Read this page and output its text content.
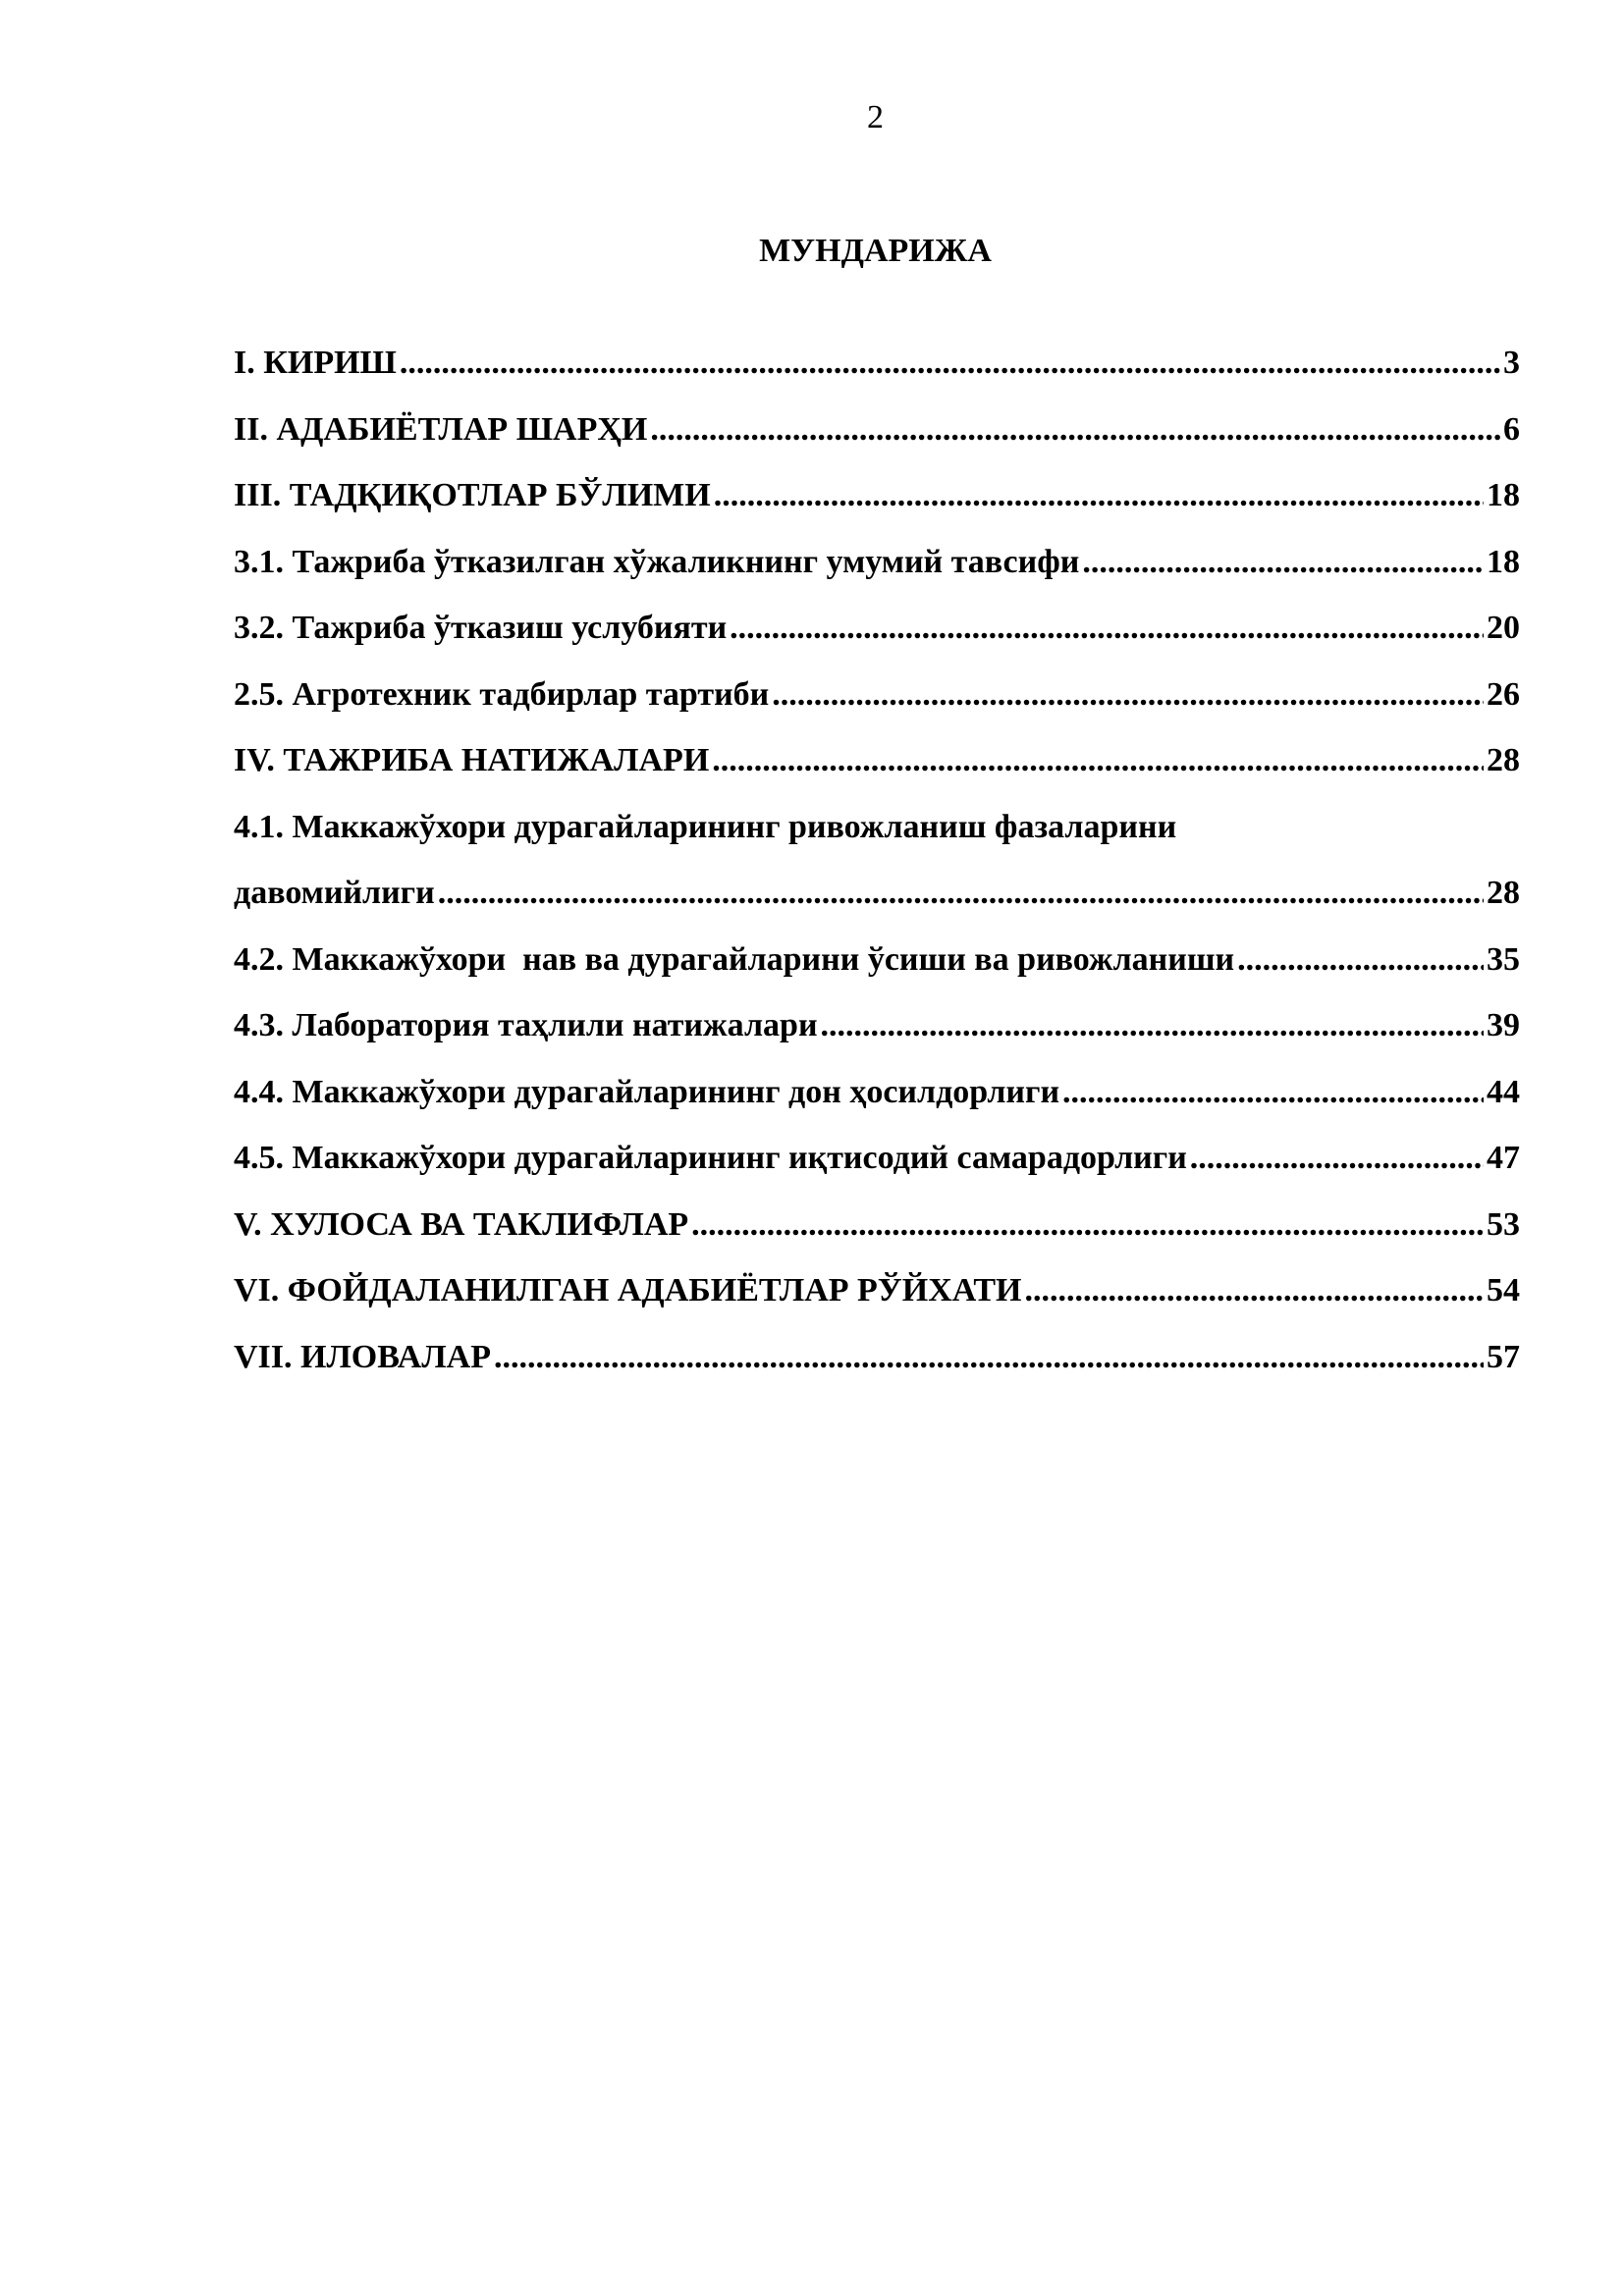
2
МУНДАРИЖА
I. КИРИШ .....	3
II. АДАБИЁТЛАР ШАРҲИ .....	6
III. ТАДҚИҚОТЛАР БЎЛИМИ .....	18
3.1. Тажриба ўтказилган хўжаликнинг умумий тавсифи .....	18
3.2. Тажриба ўтказиш услубияти .....	20
2.5. Агротехник тадбирлар тартиби .....	26
IV. ТАЖРИБА НАТИЖАЛАРИ .....	28
4.1. Маккажўхори дурагайларининг ривожланиш фазаларини
давомийлиги .....	28
4.2. Маккажўхори  нав ва дурагайларини ўсиши ва ривожланиши .....	35
4.3. Лаборатория таҳлили натижалари .....	39
4.4. Маккажўхори дурагайларининг дон ҳосилдорлиги .....	44
4.5. Маккажўхори дурагайларининг иқтисодий самарадорлиги .....	47
V. ХУЛОСА ВА ТАКЛИФЛАР .....	53
VI. ФОЙДАЛАНИЛГАН АДАБИЁТЛАР РЎЙХАТИ .....	54
VII. ИЛОВАЛАР .....	57
